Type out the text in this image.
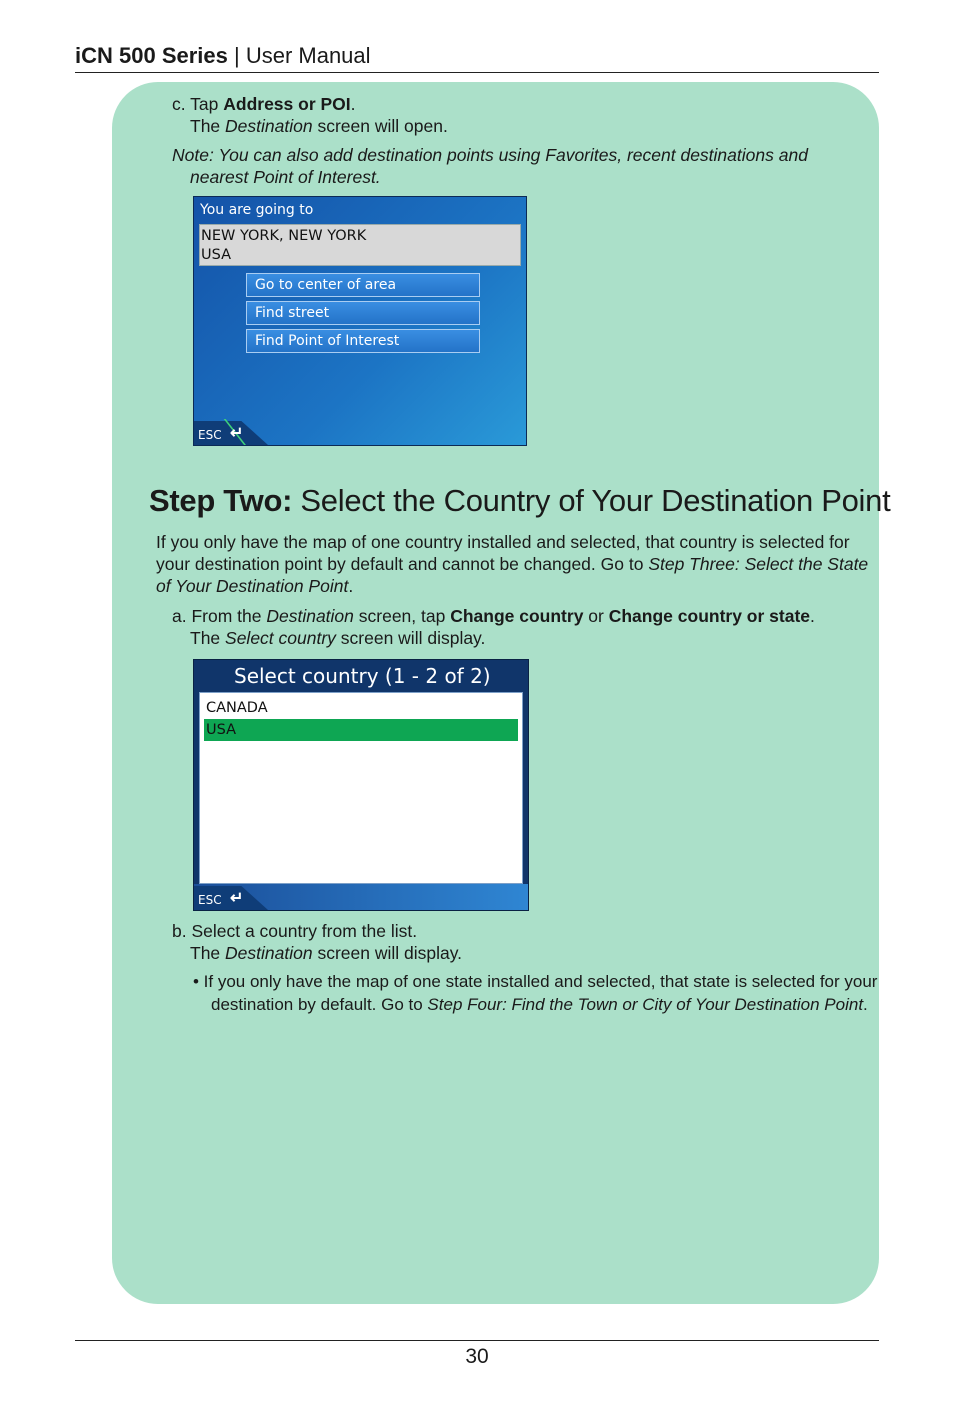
iCN 500 Series | User Manual
c. Tap Address or POI.
The Destination screen will open.
Note: You can also add destination points using Favorites, recent destinations and
nearest Point of Interest.
You are going to
NEW YORK, NEW YORK
USA
Go to center of area
Find street
Find Point of Interest
ESC ↵
Step Two: Select the Country of Your Destination Point
If you only have the map of one country installed and selected, that country is selected for
your destination point by default and cannot be changed. Go to Step Three: Select the State
of Your Destination Point.
a. From the Destination screen, tap Change country or Change country or state.
The Select country screen will display.
Select country (1 - 2 of 2)
CANADA
USA
ESC ↵
b. Select a country from the list.
The Destination screen will display.
• If you only have the map of one state installed and selected, that state is selected for your
destination by default. Go to Step Four: Find the Town or City of Your Destination Point.
30
